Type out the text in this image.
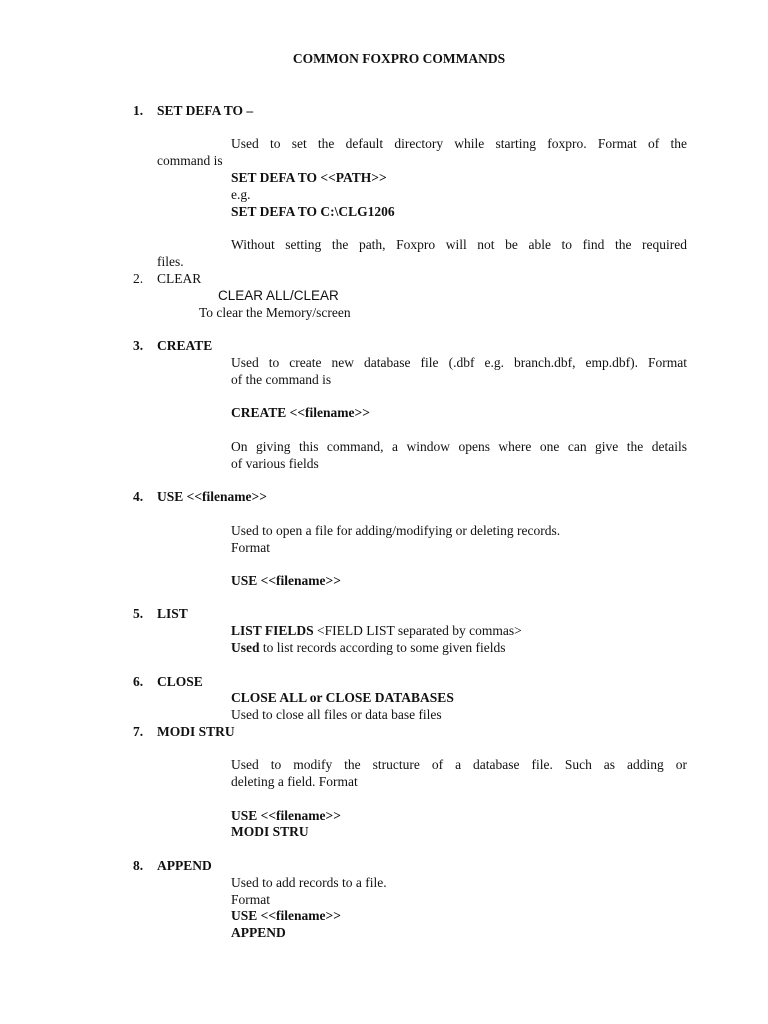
COMMON FOXPRO COMMANDS
1. SET DEFA TO –
Used to set the default directory while starting foxpro. Format of the
command is
SET DEFA TO <<PATH>>
e.g.
SET DEFA TO C:\CLG1206
Without setting the path, Foxpro will not be able to find the required
files.
2. CLEAR
CLEAR ALL/CLEAR
To clear the Memory/screen
3. CREATE
Used to create new database file (.dbf e.g. branch.dbf, emp.dbf). Format
of the command is
CREATE <<filename>>
On giving this command, a window opens where one can give the details
of various fields
4. USE <<filename>>
Used to open a file for adding/modifying or deleting records.
Format
USE <<filename>>
5. LIST
LIST FIELDS <FIELD LIST separated by commas>
Used to list records according to some given fields
6. CLOSE
CLOSE ALL or CLOSE DATABASES
Used to close all files or data base files
7. MODI STRU
Used to modify the structure of a database file. Such as adding or
deleting a field. Format
USE <<filename>>
MODI STRU
8. APPEND
Used to add records to a file.
Format
USE <<filename>>
APPEND
